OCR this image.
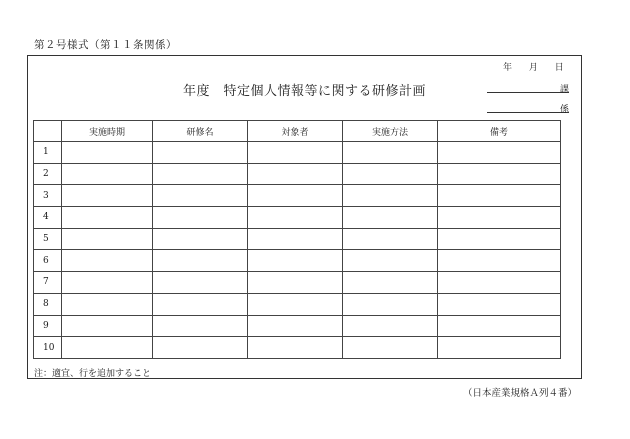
第２号様式（第１１条関係）
年 月 日
年度　特定個人情報等に関する研修計画	課
係
	実施時期	研修名	対象者	実施方法	備考
1					
2					
3					
4					
5					
6					
7					
8					
9					
10					
注：適宜、行を追加すること
（日本産業規格Ａ列４番）
